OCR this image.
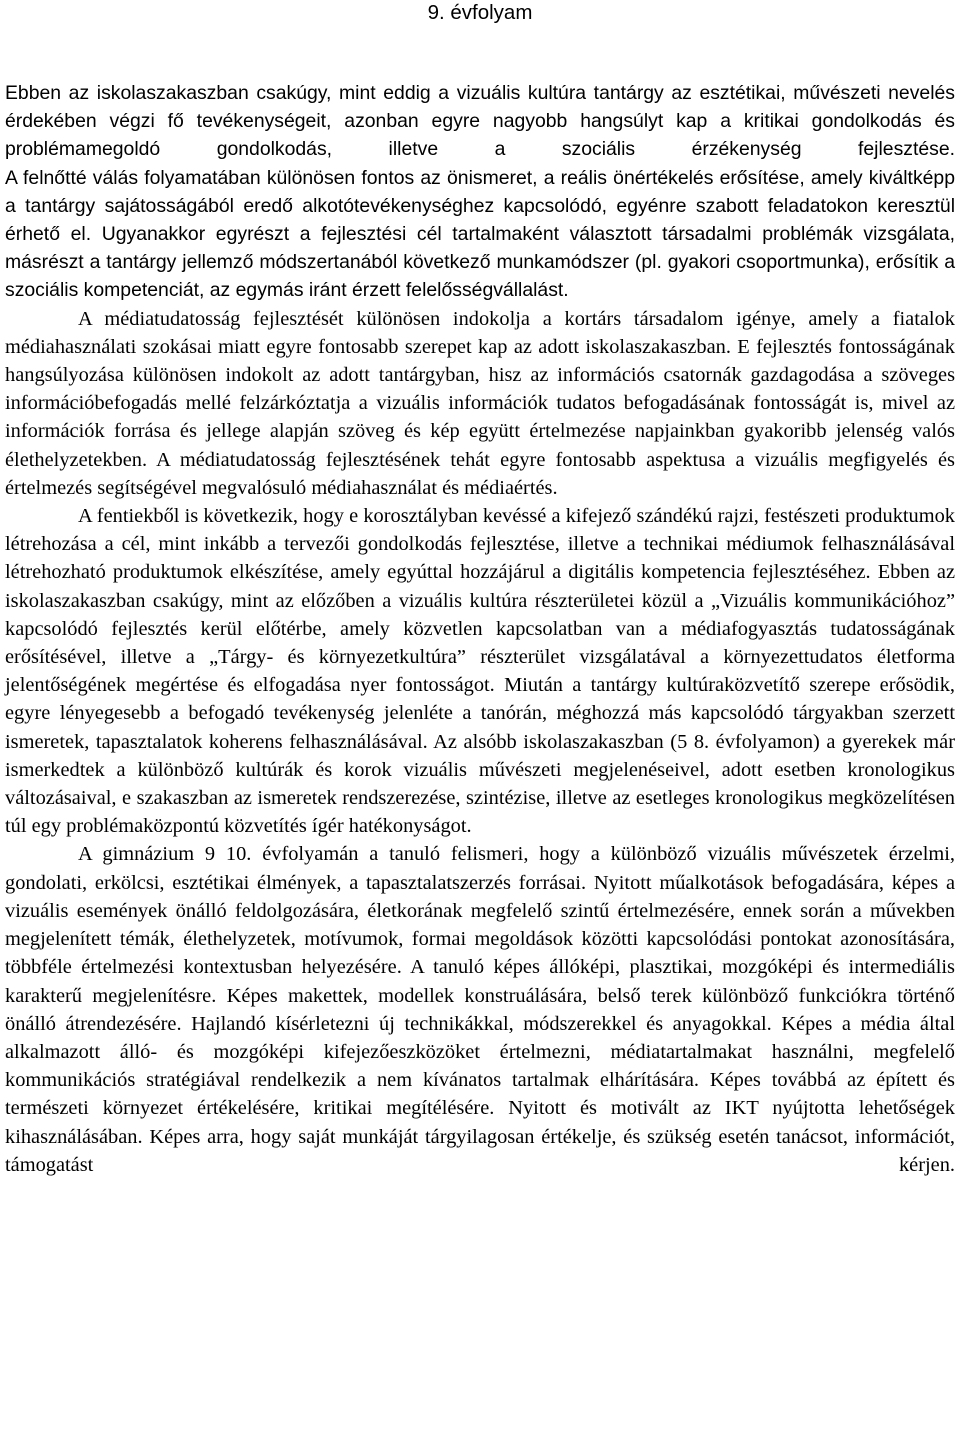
9. évfolyam

Ebben az iskolaszakaszban csakúgy, mint eddig a vizuális kultúra tantárgy az esztétikai, művészeti nevelés érdekében végzi fő tevékenységeit, azonban egyre nagyobb hangsúlyt kap a kritikai gondolkodás és problémamegoldó gondolkodás, illetve a szociális érzékenység fejlesztése.

A felnőtté válás folyamatában különösen fontos az önismeret, a reális önértékelés erősítése, amely kiváltképp a tantárgy sajátosságából eredő alkotótevékenységhez kapcsolódó, egyénre szabott feladatokon keresztül érhető el. Ugyanakkor egyrészt a fejlesztési cél tartalmaként választott társadalmi problémák vizsgálata, másrészt a tantárgy jellemző módszertanából következő munkamódszer (pl. gyakori csoportmunka), erősítik a szociális kompetenciát, az egymás iránt érzett felelősségvállalást.

A médiatudatosság fejlesztését különösen indokolja a kortárs társadalom igénye, amely a fiatalok médiahasználati szokásai miatt egyre fontosabb szerepet kap az adott iskolaszakaszban. E fejlesztés fontosságának hangsúlyozása különösen indokolt az adott tantárgyban, hisz az információs csatornák gazdagodása a szöveges információbefogadás mellé felzárkóztatja a vizuális információk tudatos befogadásának fontosságát is, mivel az információk forrása és jellege alapján szöveg és kép együtt értelmezése napjainkban gyakoribb jelenség valós élethelyzetekben. A médiatudatosság fejlesztésének tehát egyre fontosabb aspektusa a vizuális megfigyelés és értelmezés segítségével megvalósuló médiahasználat és médiaértés.

A fentiekből is következik, hogy e korosztályban kevéssé a kifejező szándékú rajzi, festészeti produktumok létrehozása a cél, mint inkább a tervezői gondolkodás fejlesztése, illetve a technikai médiumok felhasználásával létrehozható produktumok elkészítése, amely egyúttal hozzájárul a digitális kompetencia fejlesztéséhez. Ebben az iskolaszakaszban csakúgy, mint az előzőben a vizuális kultúra részterületei közül a „Vizuális kommunikációhoz” kapcsolódó fejlesztés kerül előtérbe, amely közvetlen kapcsolatban van a médiafogyasztás tudatosságának erősítésével, illetve a „Tárgy- és környezetkultúra” részterület vizsgálatával a környezettudatos életforma jelentőségének megértése és elfogadása nyer fontosságot. Miután a tantárgy kultúraközvetítő szerepe erősödik, egyre lényegesebb a befogadó tevékenység jelenléte a tanórán, méghozzá más kapcsolódó tárgyakban szerzett ismeretek, tapasztalatok koherens felhasználásával. Az alsóbb iskolaszakaszban (5 8. évfolyamon) a gyerekek már ismerkedtek a különböző kultúrák és korok vizuális művészeti megjelenéseivel, adott esetben kronologikus változásaival, e szakaszban az ismeretek rendszerezése, szintézise, illetve az esetleges kronologikus megközelítésen túl egy problémaközpontú közvetítés ígér hatékonyságot.

A gimnázium 9 10. évfolyamán a tanuló felismeri, hogy a különböző vizuális művészetek érzelmi, gondolati, erkölcsi, esztétikai élmények, a tapasztalatszerzés forrásai. Nyitott műalkotások befogadására, képes a vizuális események önálló feldolgozására, életkorának megfelelő szintű értelmezésére, ennek során a művekben megjelenített témák, élethelyzetek, motívumok, formai megoldások közötti kapcsolódási pontokat azonosítására, többféle értelmezési kontextusban helyezésére. A tanuló képes állóképi, plasztikai, mozgóképi és intermediális karakterű megjelenítésre. Képes makettek, modellek konstruálására, belső terek különböző funkciókra történő önálló átrendezésére. Hajlandó kísérletezni új technikákkal, módszerekkel és anyagokkal. Képes a média által alkalmazott álló- és mozgóképi kifejezőeszközöket értelmezni, médiatartalmakat használni, megfelelő kommunikációs stratégiával rendelkezik a nem kívánatos tartalmak elhárítására. Képes továbbá az épített és természeti környezet értékelésére, kritikai megítélésére. Nyitott és motivált az IKT nyújtotta lehetőségek kihasználásában. Képes arra, hogy saját munkáját tárgyilagosan értékelje, és szükség esetén tanácsot, információt, támogatást kérjen.
